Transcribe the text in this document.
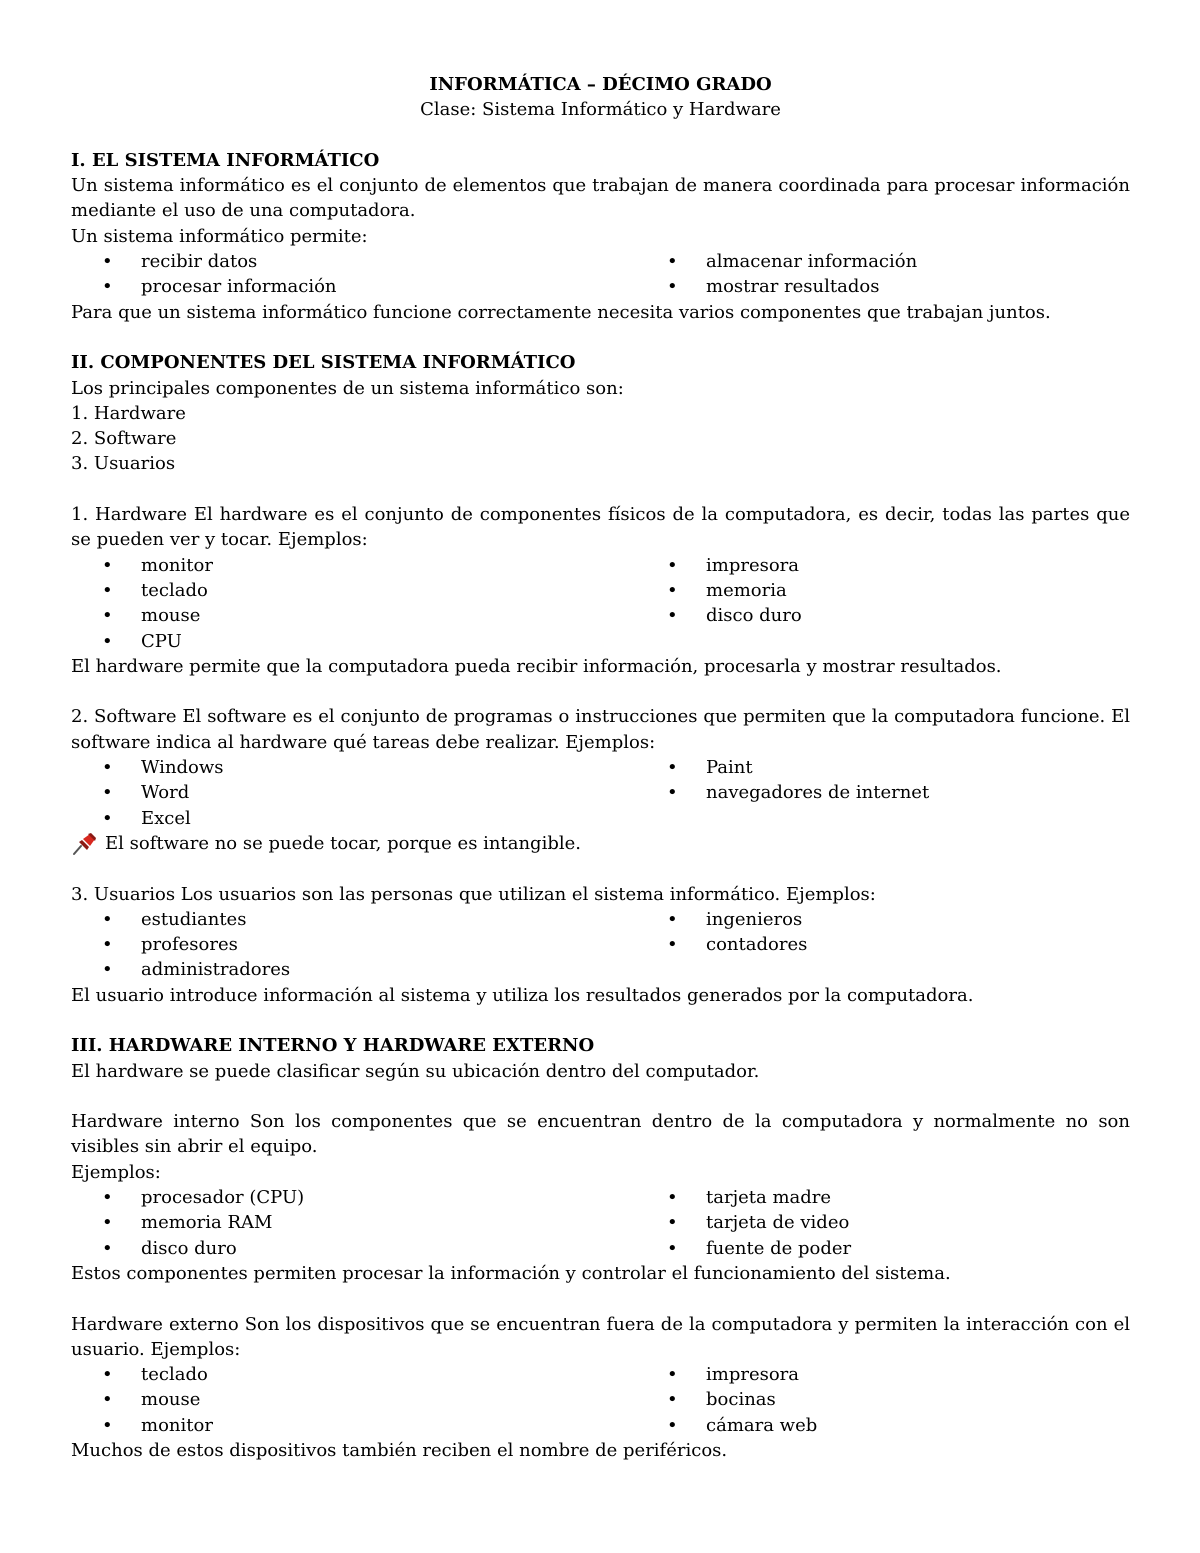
INFORMÁTICA – DÉCIMO GRADO
Clase: Sistema Informático y Hardware
I. EL SISTEMA INFORMÁTICO
Un sistema informático es el conjunto de elementos que trabajan de manera coordinada para procesar información mediante el uso de una computadora.
Un sistema informático permite:
• recibir datos	• almacenar información
• procesar información	• mostrar resultados
Para que un sistema informático funcione correctamente necesita varios componentes que trabajan juntos.
II. COMPONENTES DEL SISTEMA INFORMÁTICO
Los principales componentes de un sistema informático son:
1. Hardware
2. Software
3. Usuarios
1. Hardware El hardware es el conjunto de componentes físicos de la computadora, es decir, todas las partes que se pueden ver y tocar. Ejemplos:
• monitor	• impresora
• teclado	• memoria
• mouse	• disco duro
• CPU
El hardware permite que la computadora pueda recibir información, procesarla y mostrar resultados.
2. Software El software es el conjunto de programas o instrucciones que permiten que la computadora funcione. El software indica al hardware qué tareas debe realizar. Ejemplos:
• Windows	• Paint
• Word	• navegadores de internet
• Excel
El software no se puede tocar, porque es intangible.
3. Usuarios Los usuarios son las personas que utilizan el sistema informático. Ejemplos:
• estudiantes	• ingenieros
• profesores	• contadores
• administradores
El usuario introduce información al sistema y utiliza los resultados generados por la computadora.
III. HARDWARE INTERNO Y HARDWARE EXTERNO
El hardware se puede clasificar según su ubicación dentro del computador.
Hardware interno Son los componentes que se encuentran dentro de la computadora y normalmente no son visibles sin abrir el equipo.
Ejemplos:
• procesador (CPU)	• tarjeta madre
• memoria RAM	• tarjeta de video
• disco duro	• fuente de poder
Estos componentes permiten procesar la información y controlar el funcionamiento del sistema.
Hardware externo Son los dispositivos que se encuentran fuera de la computadora y permiten la interacción con el usuario. Ejemplos:
• teclado	• impresora
• mouse	• bocinas
• monitor	• cámara web
Muchos de estos dispositivos también reciben el nombre de periféricos.
